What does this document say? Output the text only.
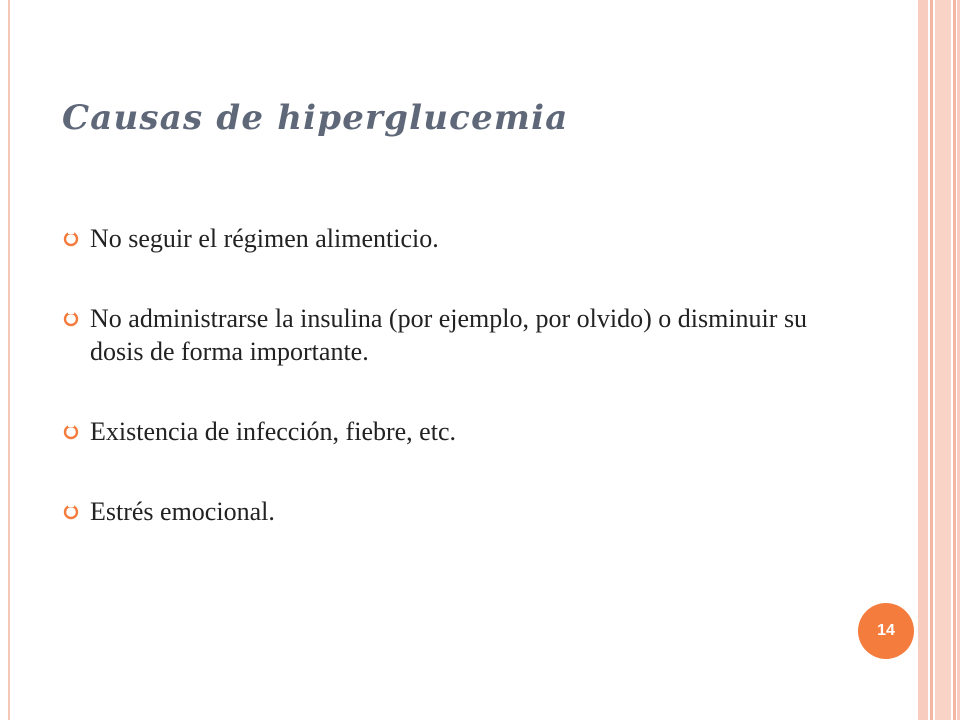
Causas de hiperglucemia
No seguir el régimen alimenticio.
No administrarse la insulina (por ejemplo, por olvido) o disminuir su dosis de forma importante.
Existencia de infección, fiebre, etc.
Estrés emocional.
14
